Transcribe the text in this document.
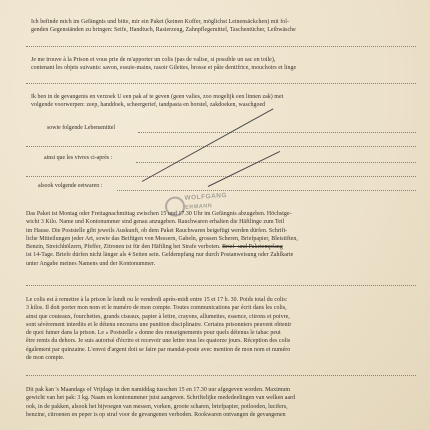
Ich befinde mich im Gefängnis und bitte, mir ein Paket (keinen Koffer, möglichst Leinensäckchen) mit fol-
genden Gegenständen zu bringen: Seife, Handtuch, Rasierzeug, Zahnpflegemittel, Taschentücher, Leibwäsche
Je me trouve à la Prison et vous prie de m'apporter un colis (pas de valise, si possible un sac en toile),
contenant les objets suivants: savon, essuie-mains, rasoir Gilettes, brosse et pâte dentifrice, mouchoirs et linge
Ik ben in de gevangenis en verzoek U een pak af te geven (geen valies, zoo mogelijk een linnen zak) met
volgende voorwerpen: zeep, handdoek, scheergerief, tandpasta en borstel, zakdoeken, waschgoed
sowie folgende Lebensmittel
ainsi que les vivres ci-après :
alsook volgende eetwaren :
WOLFGANG
ERMANN
Das Paket ist Montag oder Freitagnachmittag zwischen 15 und 17.30 Uhr im Gefängnis abzugeben. Höchstge-
wicht 3 Kilo. Name und Kontonummer sind genau anzugeben. Rauchwaren erhalten die Häftlinge zum Teil
im Hause. Die Poststelle gibt jeweils Auskunft, ob dem Paket Rauchwaren beigefügt werden dürfen. Schrift-
liche Mitteilungen jeder Art, sowie das Beifügen von Messern, Gabeln, grossen Scheren, Briefpapier, Bleistiften,
Benzin, Streichhölzern, Pfeffer, Zitronen ist für den Häftling bei Strafe verboten. Brief- und Paketempfang
ist 14-Tage. Briefe dürfen nicht länger als 4 Seiten sein. Geldempfang nur durch Postanweisung oder Zahlkarte
unter Angabe meines Namens und der Kontonummer.
Le colis est à remettre à la prison le lundi ou le vendredi après-midi entre 15 et 17 h. 30. Poids total du colis:
3 kilos. Il doit porter mon nom et le numéro de mon compte. Toutes communications par écrit dans les colis,
ainsi que couteaux, fourchettes, grands ciseaux, papier à lettre, crayons, allumettes, essence, citrons et poivre,
sont sévèrement interdits et le détenu encourra une punition disciplinaire. Certains prisonniers peuvent obtenir
de quoi fumer dans la prison. Le « Poststelle » donne des renseignements pour quels détenus le tabac peut
être remis du dehors. Je suis autorisé d'écrire et recevoir une lettre tous les quatorze jours. Réception des colis
également par quinzaine. L'envoi d'argent doit se faire par mandat-poste avec mention de mon nom et numéro
de mon compte.
Dit pak kan 's Maandags of Vrijdags in den namiddag tusschen 15 en 17.30 uur afgegeven worden. Maximum
gewicht van het pak: 3 kg. Naam en kontonummer juist aangeven. Schriftelijke mededeelingen van welken aard
ook, in de pakken, alsook het bijvoegen van messen, vorken, groote scharen, briefpapier, potlooden, lucifers,
benzine, citroenen en peper is op straf voor de gevangenen verboden. Rookwaren ontvangen de gevangenen
